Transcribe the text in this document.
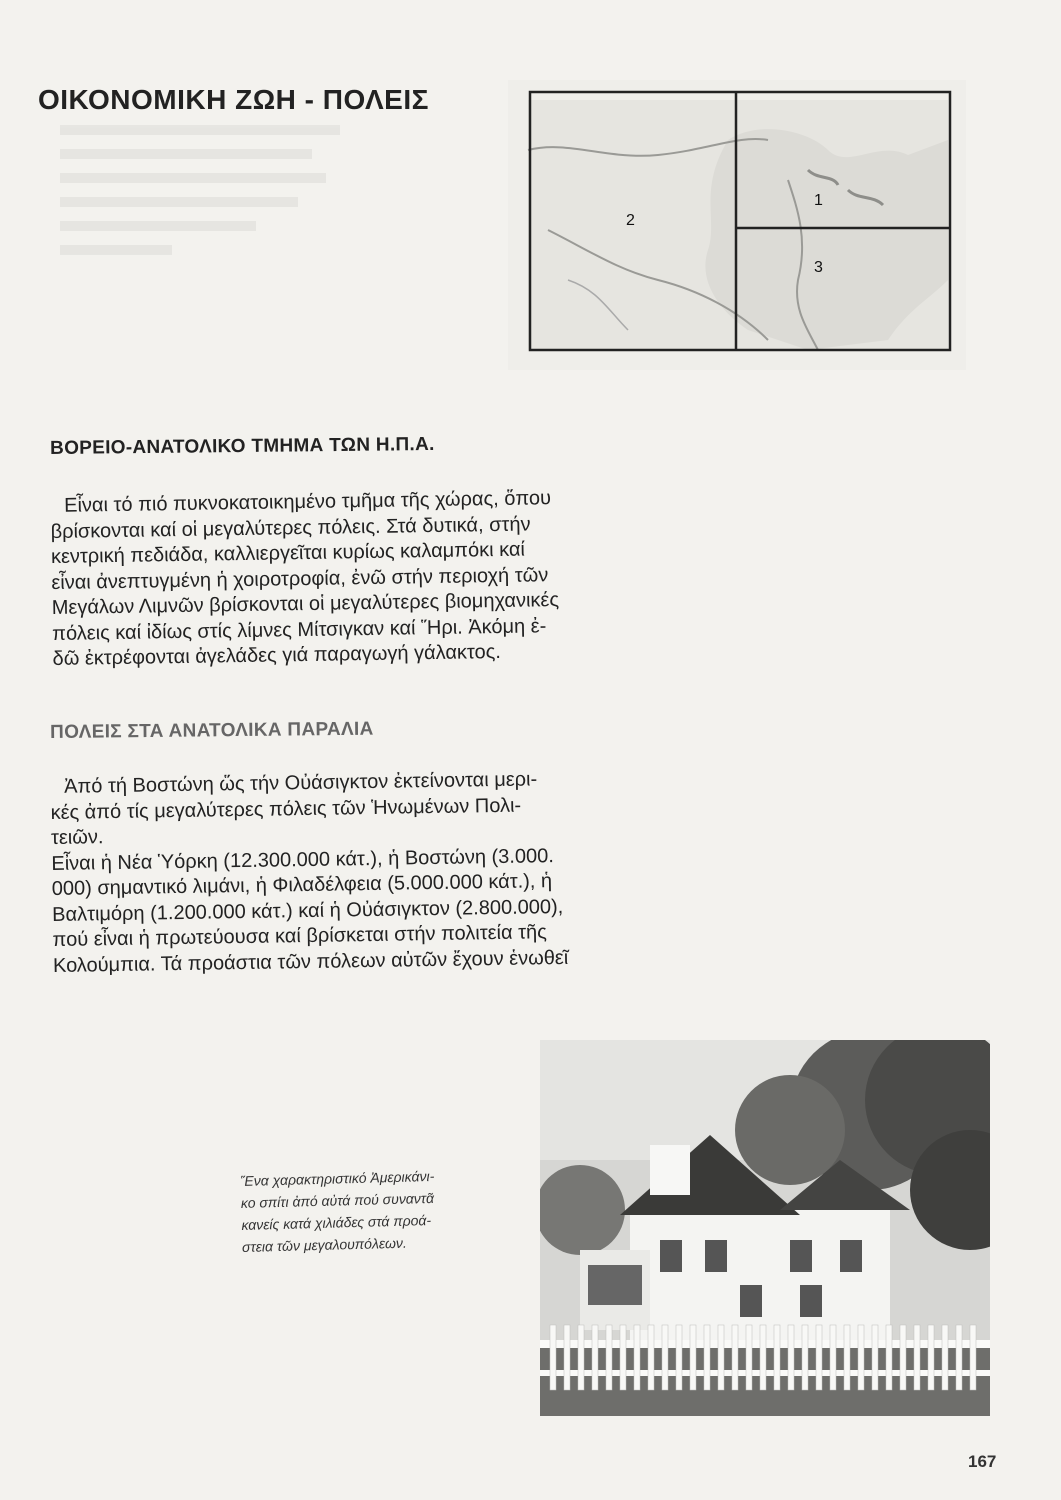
ΟΙΚΟΝΟΜΙΚΗ ΖΩΗ - ΠΟΛΕΙΣ
1
2
3
ΒΟΡΕΙΟ-ΑΝΑΤΟΛΙΚΟ ΤΜΗΜΑ ΤΩΝ Η.Π.Α.
Εἶναι τό πιό πυκνοκατοικημένο τμῆμα τῆς χώρας, ὅπου
βρίσκονται καί οἱ μεγαλύτερες πόλεις. Στά δυτικά, στήν
κεντρική πεδιάδα, καλλιεργεῖται κυρίως καλαμπόκι καί
εἶναι ἀνεπτυγμένη ἡ χοιροτροφία, ἐνῶ στήν περιοχή τῶν
Μεγάλων Λιμνῶν βρίσκονται οἱ μεγαλύτερες βιομηχανικές
πόλεις καί ἰδίως στίς λίμνες Μίτσιγκαν καί Ἥρι. Ἀκόμη ἐ-
δῶ ἐκτρέφονται ἀγελάδες γιά παραγωγή γάλακτος.
ΠΟΛΕΙΣ ΣΤΑ ΑΝΑΤΟΛΙΚΑ ΠΑΡΑΛΙΑ
Ἀπό τή Βοστώνη ὥς τήν Οὐάσιγκτον ἐκτείνονται μερι-
κές ἀπό τίς μεγαλύτερες πόλεις τῶν Ἡνωμένων Πολι-
τειῶν.
Εἶναι ἡ Νέα Ὑόρκη (12.300.000 κάτ.), ἡ Βοστώνη (3.000.
000) σημαντικό λιμάνι, ἡ Φιλαδέλφεια (5.000.000 κάτ.), ἡ
Βαλτιμόρη (1.200.000 κάτ.) καί ἡ Οὐάσιγκτον (2.800.000),
πού εἶναι ἡ πρωτεύουσα καί βρίσκεται στήν πολιτεία τῆς
Κολούμπια. Τά προάστια τῶν πόλεων αὐτῶν ἔχουν ἑνωθεῖ
Ἕνα χαρακτηριστικό Ἀμερικάνι-
κο σπίτι ἀπό αὐτά πού συναντᾶ
κανείς κατά χιλιάδες στά προά-
στεια τῶν μεγαλουπόλεων.
167
